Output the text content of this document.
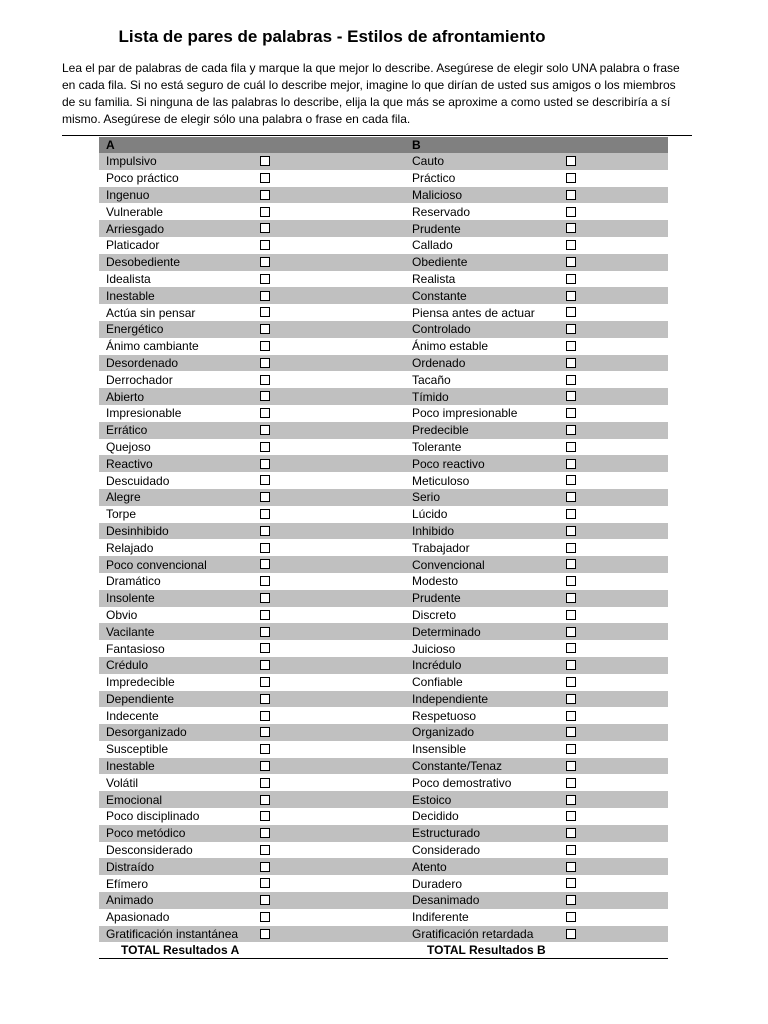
Lista de pares de palabras - Estilos de afrontamiento
Lea el par de palabras de cada fila y marque la que mejor lo describe. Asegúrese de elegir solo UNA palabra o frase en cada fila. Si no está seguro de cuál lo describe mejor, imagine lo que dirían de usted sus amigos o los miembros de su familia. Si ninguna de las palabras lo describe, elija la que más se aproxime a como usted se describiría a sí mismo. Asegúrese de elegir sólo una palabra o frase en cada fila.
A		B	
Impulsivo		Cauto	
Poco práctico		Práctico	
Ingenuo		Malicioso	
Vulnerable		Reservado	
Arriesgado		Prudente	
Platicador		Callado	
Desobediente		Obediente	
Idealista		Realista	
Inestable		Constante	
Actúa sin pensar		Piensa antes de actuar	
Energético		Controlado	
Ánimo cambiante		Ánimo estable	
Desordenado		Ordenado	
Derrochador		Tacaño	
Abierto		Tímido	
Impresionable		Poco impresionable	
Errático		Predecible	
Quejoso		Tolerante	
Reactivo		Poco reactivo	
Descuidado		Meticuloso	
Alegre		Serio	
Torpe		Lúcido	
Desinhibido		Inhibido	
Relajado		Trabajador	
Poco convencional		Convencional	
Dramático		Modesto	
Insolente		Prudente	
Obvio		Discreto	
Vacilante		Determinado	
Fantasioso		Juicioso	
Crédulo		Incrédulo	
Impredecible		Confiable	
Dependiente		Independiente	
Indecente		Respetuoso	
Desorganizado		Organizado	
Susceptible		Insensible	
Inestable		Constante/Tenaz	
Volátil		Poco demostrativo	
Emocional		Estoico	
Poco disciplinado		Decidido	
Poco metódico		Estructurado	
Desconsiderado		Considerado	
Distraído		Atento	
Efímero		Duradero	
Animado		Desanimado	
Apasionado		Indiferente	
Gratificación instantánea		Gratificación retardada	
TOTAL Resultados A		TOTAL Resultados B	
